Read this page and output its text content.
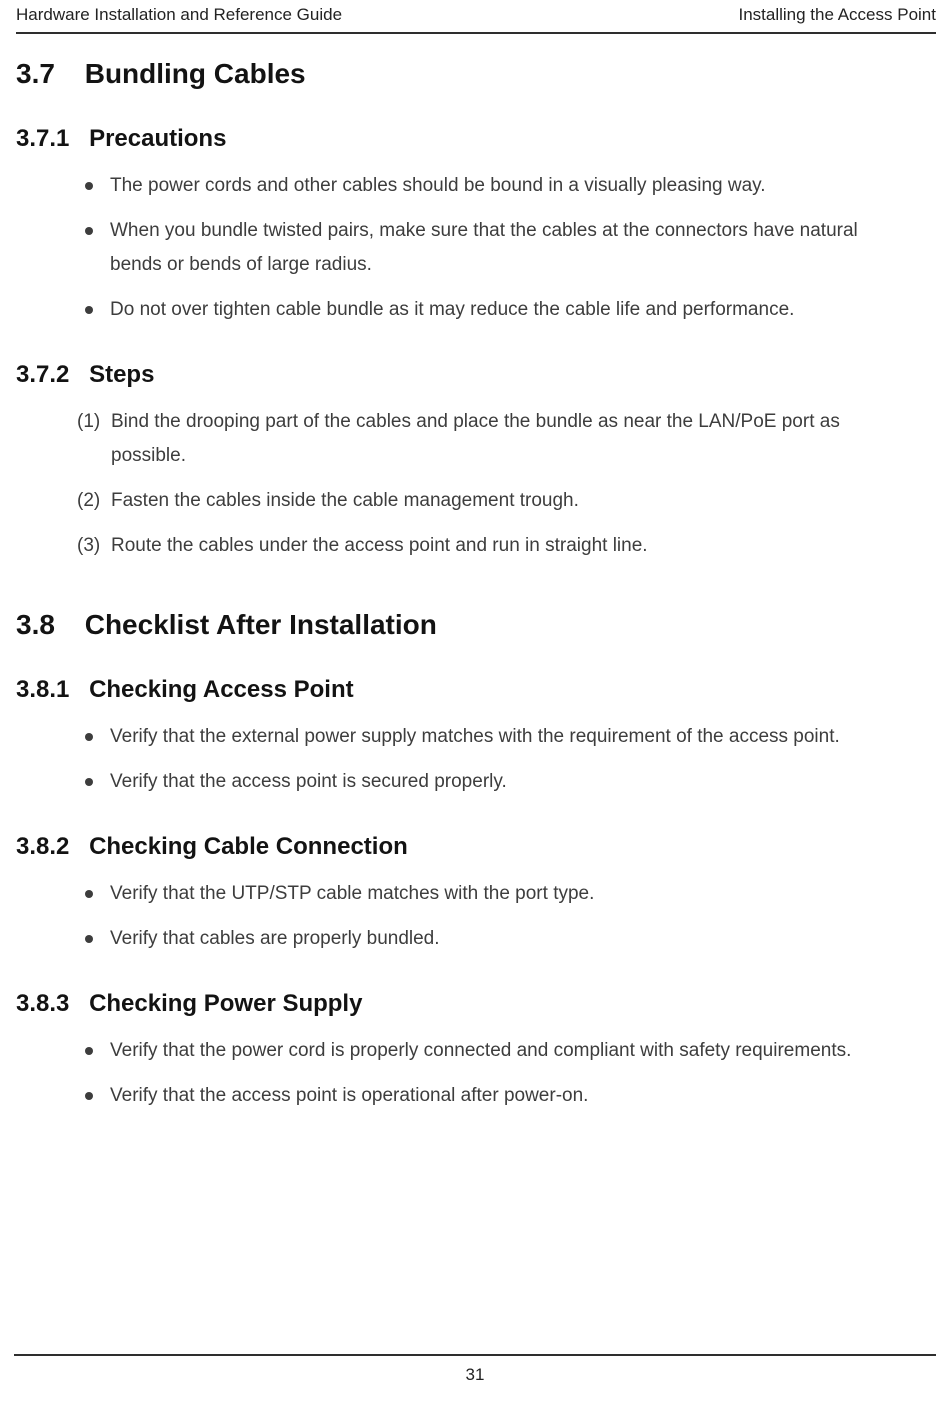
Hardware Installation and Reference Guide	Installing the Access Point
3.7 Bundling Cables
3.7.1 Precautions
The power cords and other cables should be bound in a visually pleasing way.
When you bundle twisted pairs, make sure that the cables at the connectors have natural bends or bends of large radius.
Do not over tighten cable bundle as it may reduce the cable life and performance.
3.7.2 Steps
(1) Bind the drooping part of the cables and place the bundle as near the LAN/PoE port as possible.
(2) Fasten the cables inside the cable management trough.
(3) Route the cables under the access point and run in straight line.
3.8 Checklist After Installation
3.8.1 Checking Access Point
Verify that the external power supply matches with the requirement of the access point.
Verify that the access point is secured properly.
3.8.2 Checking Cable Connection
Verify that the UTP/STP cable matches with the port type.
Verify that cables are properly bundled.
3.8.3 Checking Power Supply
Verify that the power cord is properly connected and compliant with safety requirements.
Verify that the access point is operational after power-on.
31
